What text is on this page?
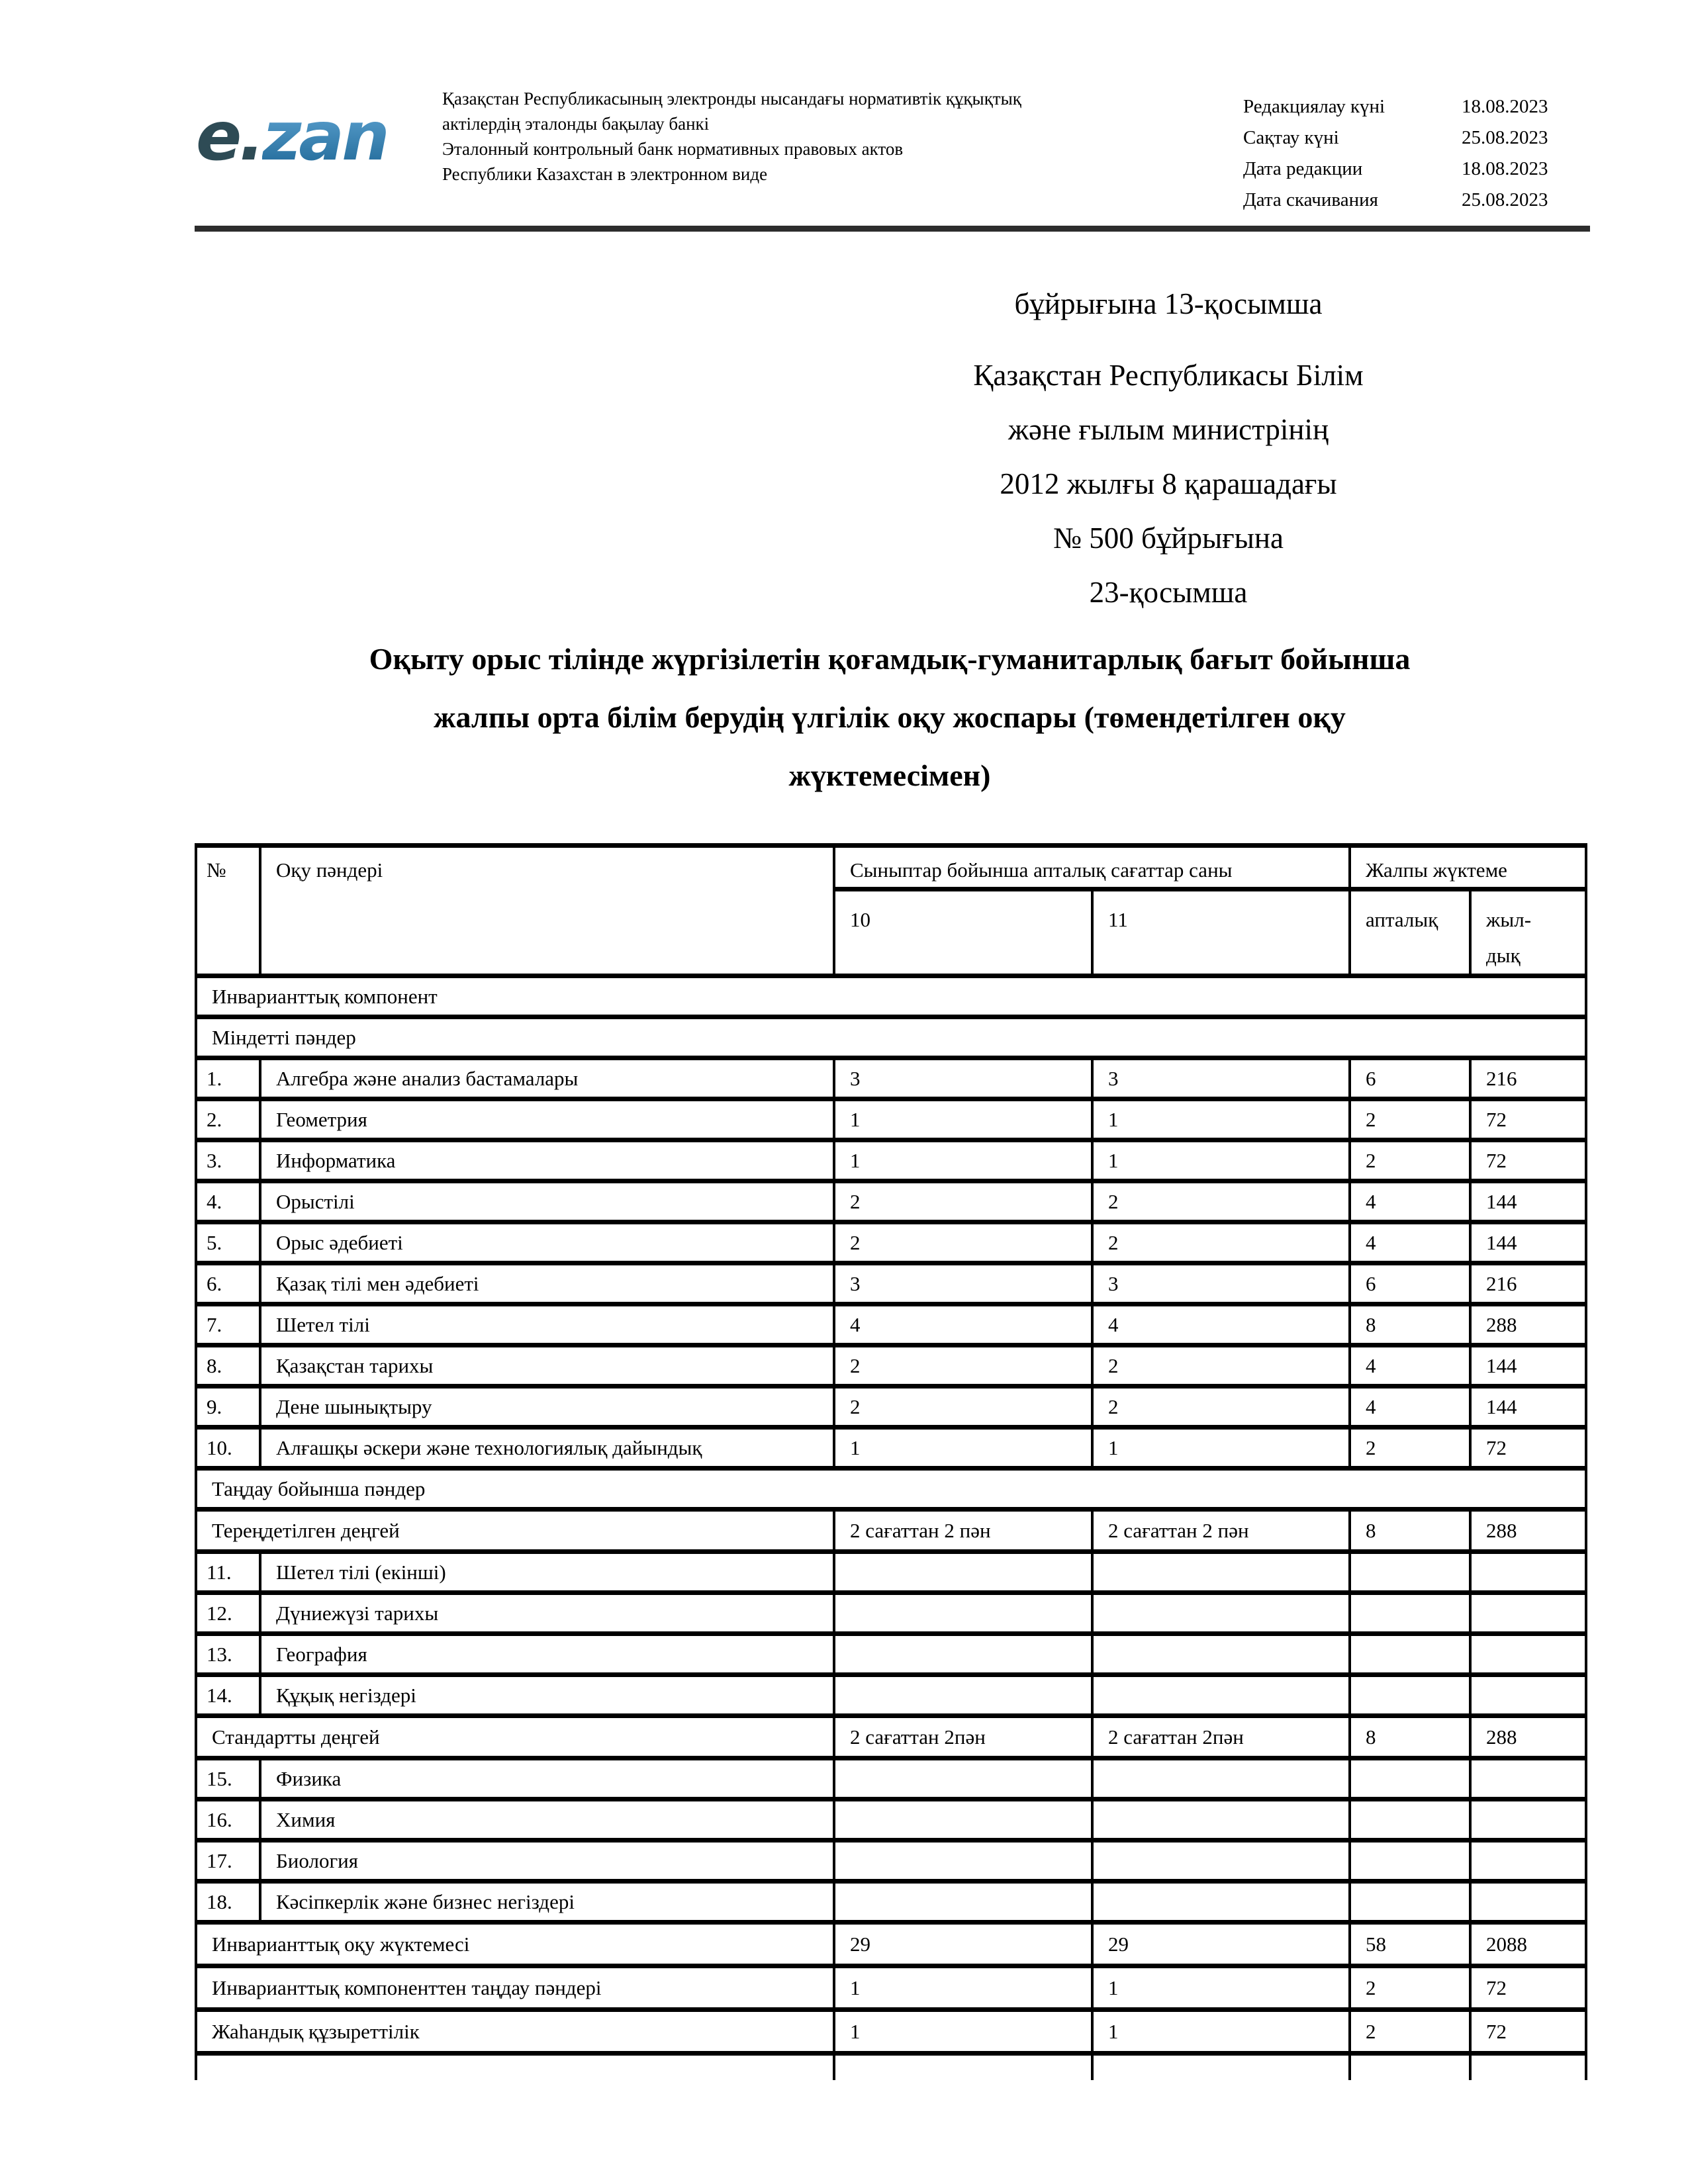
e.zan	Қазақстан Республикасының электронды нысандағы нормативтік құқықтық
актілердің эталонды бақылау банкі
Эталонный контрольный банк нормативных правовых актов
Республики Казахстан в электронном виде
Редакциялау күні	18.08.2023
Сақтау күні	25.08.2023
Дата редакции	18.08.2023
Дата скачивания	25.08.2023
бұйрығына 13-қосымша
Қазақстан Республикасы Білім
және ғылым министрінің
2012 жылғы 8 қарашадағы
№ 500 бұйрығына
23-қосымша
Оқыту орыс тілінде жүргізілетін қоғамдық-гуманитарлық бағыт бойынша
жалпы орта білім берудің үлгілік оқу жоспары (төмендетілген оқу
жүктемесімен)
№	Оқу пәндері	Сыныптар бойынша апталық сағаттар саны		Жалпы жүктеме	
		10	11	апталық	жыл-дық
Инварианттық компонент					
Міндетті пәндер					
1.	Алгебра және анализ бастамалары	3	3	6	216
2.	Геометрия	1	1	2	72
3.	Информатика	1	1	2	72
4.	Орыстілі	2	2	4	144
5.	Орыс әдебиеті	2	2	4	144
6.	Қазақ тілі мен әдебиеті	3	3	6	216
7.	Шетел тілі	4	4	8	288
8.	Қазақстан тарихы	2	2	4	144
9.	Дене шынықтыру	2	2	4	144
10.	Алғашқы әскери және технологиялық дайындық	1	1	2	72
Таңдау бойынша пәндер					
Тереңдетілген деңгей		2 сағаттан 2 пән	2 сағаттан 2 пән	8	288
11.	Шетел тілі (екінші)				
12.	Дүниежүзі тарихы				
13.	География				
14.	Құқық негіздері				
Стандартты деңгей		2 сағаттан 2пән	2 сағаттан 2пән	8	288
15.	Физика				
16.	Химия				
17.	Биология				
18.	Кәсіпкерлік және бизнес негіздері				
Инварианттық оқу жүктемесі		29	29	58	2088
Инварианттық компоненттен таңдау пәндері		1	1	2	72
Жаһандық құзыреттілік		1	1	2	72
